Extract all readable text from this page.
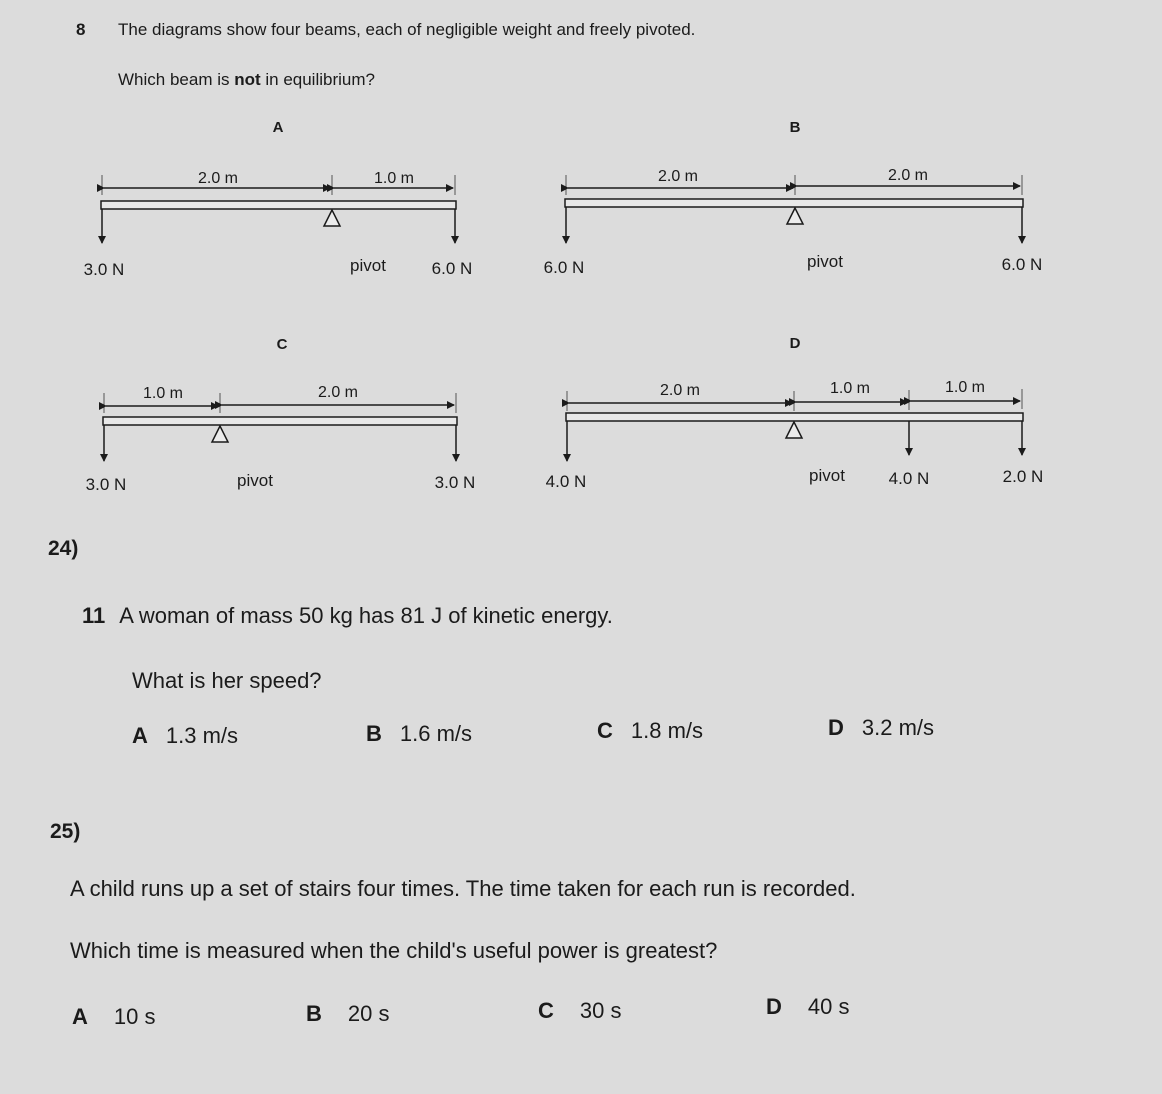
8 The diagrams show four beams, each of negligible weight and freely pivoted.
Which beam is not in equilibrium?
A
2.0 m	1.0 m
3.0 N	pivot	6.0 N
B
2.0 m	2.0 m
6.0 N	pivot	6.0 N
C
1.0 m	2.0 m
3.0 N	pivot	3.0 N
D
2.0 m	1.0 m	1.0 m
4.0 N	pivot	4.0 N	2.0 N
24)
11 A woman of mass 50 kg has 81 J of kinetic energy.
What is her speed?
A 1.3 m/s	B 1.6 m/s	C 1.8 m/s	D 3.2 m/s
25)
A child runs up a set of stairs four times. The time taken for each run is recorded.
Which time is measured when the child's useful power is greatest?
A 10 s	B 20 s	C 30 s	D 40 s
